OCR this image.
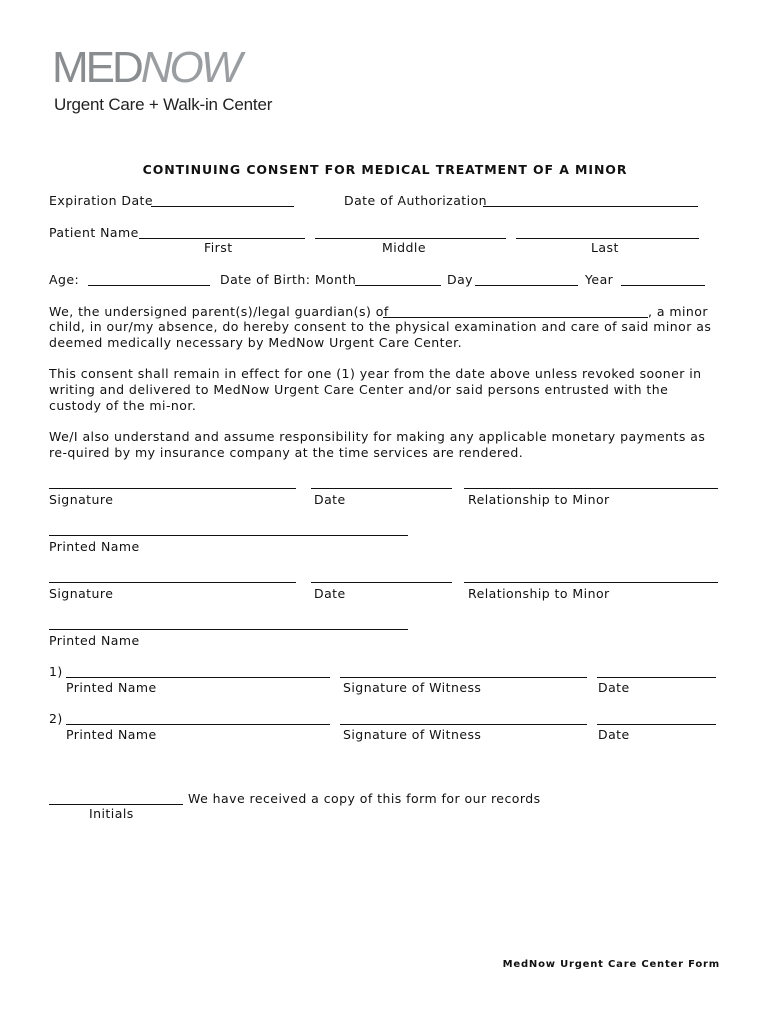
MEDNOW
Urgent Care + Walk-in Center
CONTINUING CONSENT FOR MEDICAL TREATMENT OF A MINOR
Expiration Date	Date of Authorization
Patient Name
First	Middle	Last
Age:	Date of Birth: Month	Day	Year
We, the undersigned parent(s)/legal guardian(s) of	, a minor
child, in our/my absence, do hereby consent to the physical examination and care of said minor as deemed medically necessary by MedNow Urgent Care Center.
This consent shall remain in effect for one (1) year from the date above unless revoked sooner in writing and delivered to MedNow Urgent Care Center and/or said persons entrusted with the custody of the mi-nor.
We/I also understand and assume responsibility for making any applicable monetary payments as re-quired by my insurance company at the time services are rendered.
Signature	Date	Relationship to Minor
Printed Name
Signature	Date	Relationship to Minor
Printed Name
1)
Printed Name	Signature of Witness	Date
2)
Printed Name	Signature of Witness	Date
We have received a copy of this form for our records
Initials
MedNow Urgent Care Center Form
